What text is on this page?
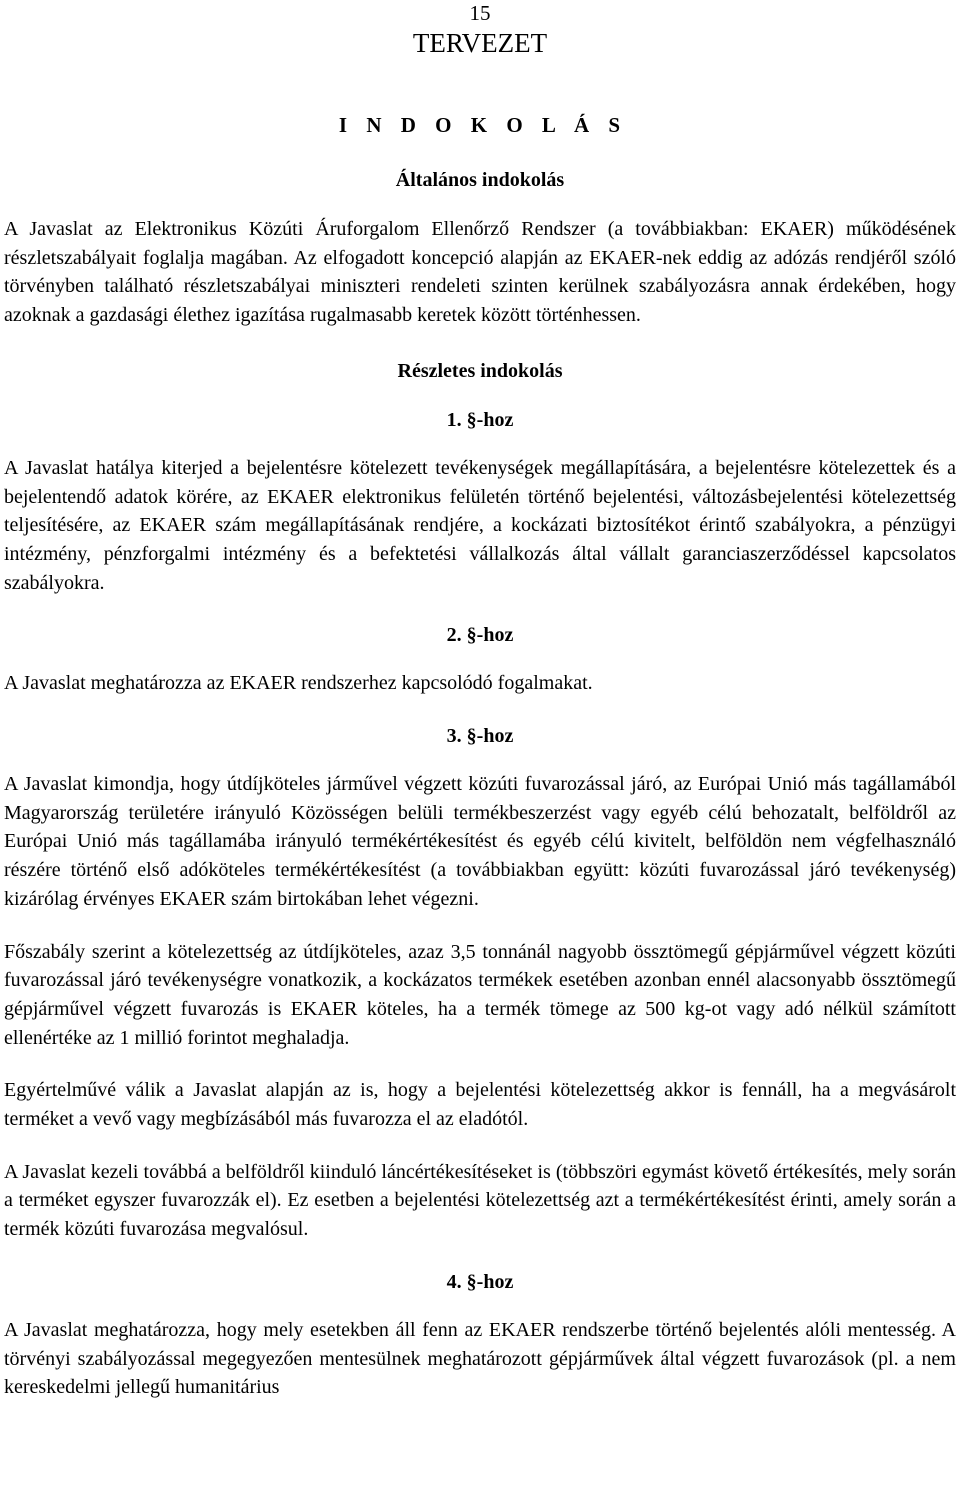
15
TERVEZET
I N D O K O L Á S
Általános indokolás

A Javaslat az Elektronikus Közúti Áruforgalom Ellenőrző Rendszer (a továbbiakban: EKAER) működésének részletszabályait foglalja magában. Az elfogadott koncepció alapján az EKAER-nek eddig az adózás rendjéről szóló törvényben található részletszabályai miniszteri rendeleti szinten kerülnek szabályozásra annak érdekében, hogy azoknak a gazdasági élethez igazítása rugalmasabb keretek között történhessen.

Részletes indokolás
1. §-hoz

A Javaslat hatálya kiterjed a bejelentésre kötelezett tevékenységek megállapítására, a bejelentésre kötelezettek és a bejelentendő adatok körére, az EKAER elektronikus felületén történő bejelentési, változásbejelentési kötelezettség teljesítésére, az EKAER szám megállapításának rendjére, a kockázati biztosítékot érintő szabályokra, a pénzügyi intézmény, pénzforgalmi intézmény és a befektetési vállalkozás által vállalt garanciaszerződéssel kapcsolatos szabályokra.

2. §-hoz

A Javaslat meghatározza az EKAER rendszerhez kapcsolódó fogalmakat.

3. §-hoz

A Javaslat kimondja, hogy útdíjköteles járművel végzett közúti fuvarozással járó, az Európai Unió más tagállamából Magyarország területére irányuló Közösségen belüli termékbeszerzést vagy egyéb célú behozatalt, belföldről az Európai Unió más tagállamába irányuló termékértékesítést és egyéb célú kivitelt, belföldön nem végfelhasználó részére történő első adóköteles termékértékesítést (a továbbiakban együtt: közúti fuvarozással járó tevékenység) kizárólag érvényes EKAER szám birtokában lehet végezni.

Főszabály szerint a kötelezettség az útdíjköteles, azaz 3,5 tonnánál nagyobb össztömegű gépjárművel végzett közúti fuvarozással járó tevékenységre vonatkozik, a kockázatos termékek esetében azonban ennél alacsonyabb össztömegű gépjárművel végzett fuvarozás is EKAER köteles, ha a termék tömege az 500 kg-ot vagy adó nélkül számított ellenértéke az 1 millió forintot meghaladja.

Egyértelművé válik a Javaslat alapján az is, hogy a bejelentési kötelezettség akkor is fennáll, ha a megvásárolt terméket a vevő vagy megbízásából más fuvarozza el az eladótól.

A Javaslat kezeli továbbá a belföldről kiinduló láncértékesítéseket is (többszöri egymást követő értékesítés, mely során a terméket egyszer fuvarozzák el). Ez esetben a bejelentési kötelezettség azt a termékértékesítést érinti, amely során a termék közúti fuvarozása megvalósul.

4. §-hoz

A Javaslat meghatározza, hogy mely esetekben áll fenn az EKAER rendszerbe történő bejelentés alóli mentesség. A törvényi szabályozással megegyezően mentesülnek meghatározott gépjárművek által végzett fuvarozások (pl. a nem kereskedelmi jellegű humanitárius
